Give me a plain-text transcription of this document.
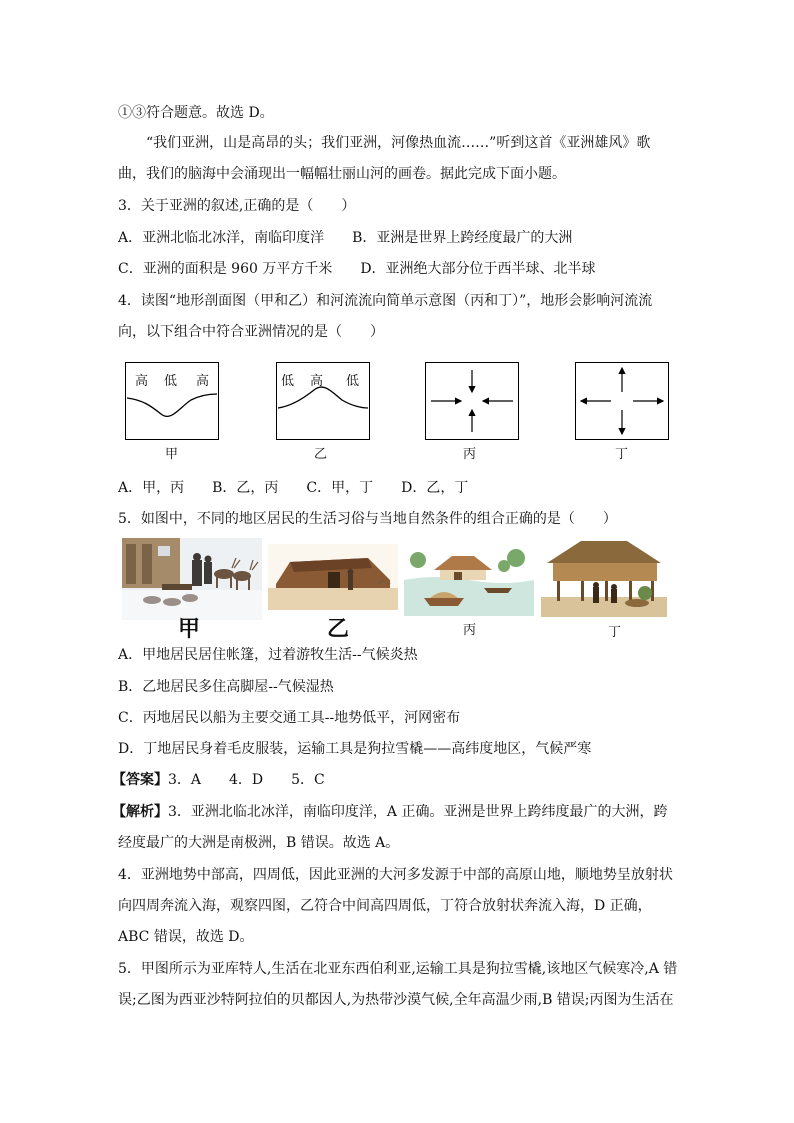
①③符合题意。故选 D。
“我们亚洲，山是高昂的头；我们亚洲，河像热血流……”听到这首《亚洲雄风》歌
曲，我们的脑海中会涌现出一幅幅壮丽山河的画卷。据此完成下面小题。
3．关于亚洲的叙述,正确的是（　　）
A．亚洲北临北冰洋，南临印度洋　　B．亚洲是世界上跨经度最广的大洲
C．亚洲的面积是 960 万平方千米　　D．亚洲绝大部分位于西半球、北半球
4．读图“地形剖面图（甲和乙）和河流流向简单示意图（丙和丁）”，地形会影响河流流
向，以下组合中符合亚洲情况的是（　　）
高 低 高
甲
低 高 低
乙	丙	丁
A．甲，丙　　B．乙，丙　　C．甲，丁　　D．乙，丁
5．如图中，不同的地区居民的生活习俗与当地自然条件的组合正确的是（　　）
甲	乙	丙	丁
A．甲地居民居住帐篷，过着游牧生活--气候炎热
B．乙地居民多住高脚屋--气候湿热
C．丙地居民以船为主要交通工具--地势低平，河网密布
D．丁地居民身着毛皮服装，运输工具是狗拉雪橇——高纬度地区，气候严寒
【答案】3．A　　4．D　　5．C
【解析】3．亚洲北临北冰洋，南临印度洋，A 正确。亚洲是世界上跨纬度最广的大洲，跨
经度最广的大洲是南极洲，B 错误。故选 A。
4．亚洲地势中部高，四周低，因此亚洲的大河多发源于中部的高原山地，顺地势呈放射状
向四周奔流入海，观察四图，乙符合中间高四周低，丁符合放射状奔流入海，D 正确，
ABC 错误，故选 D。
5．甲图所示为亚库特人,生活在北亚东西伯利亚,运输工具是狗拉雪橇,该地区气候寒冷,A 错
误;乙图为西亚沙特阿拉伯的贝都因人,为热带沙漠气候,全年高温少雨,B 错误;丙图为生活在
